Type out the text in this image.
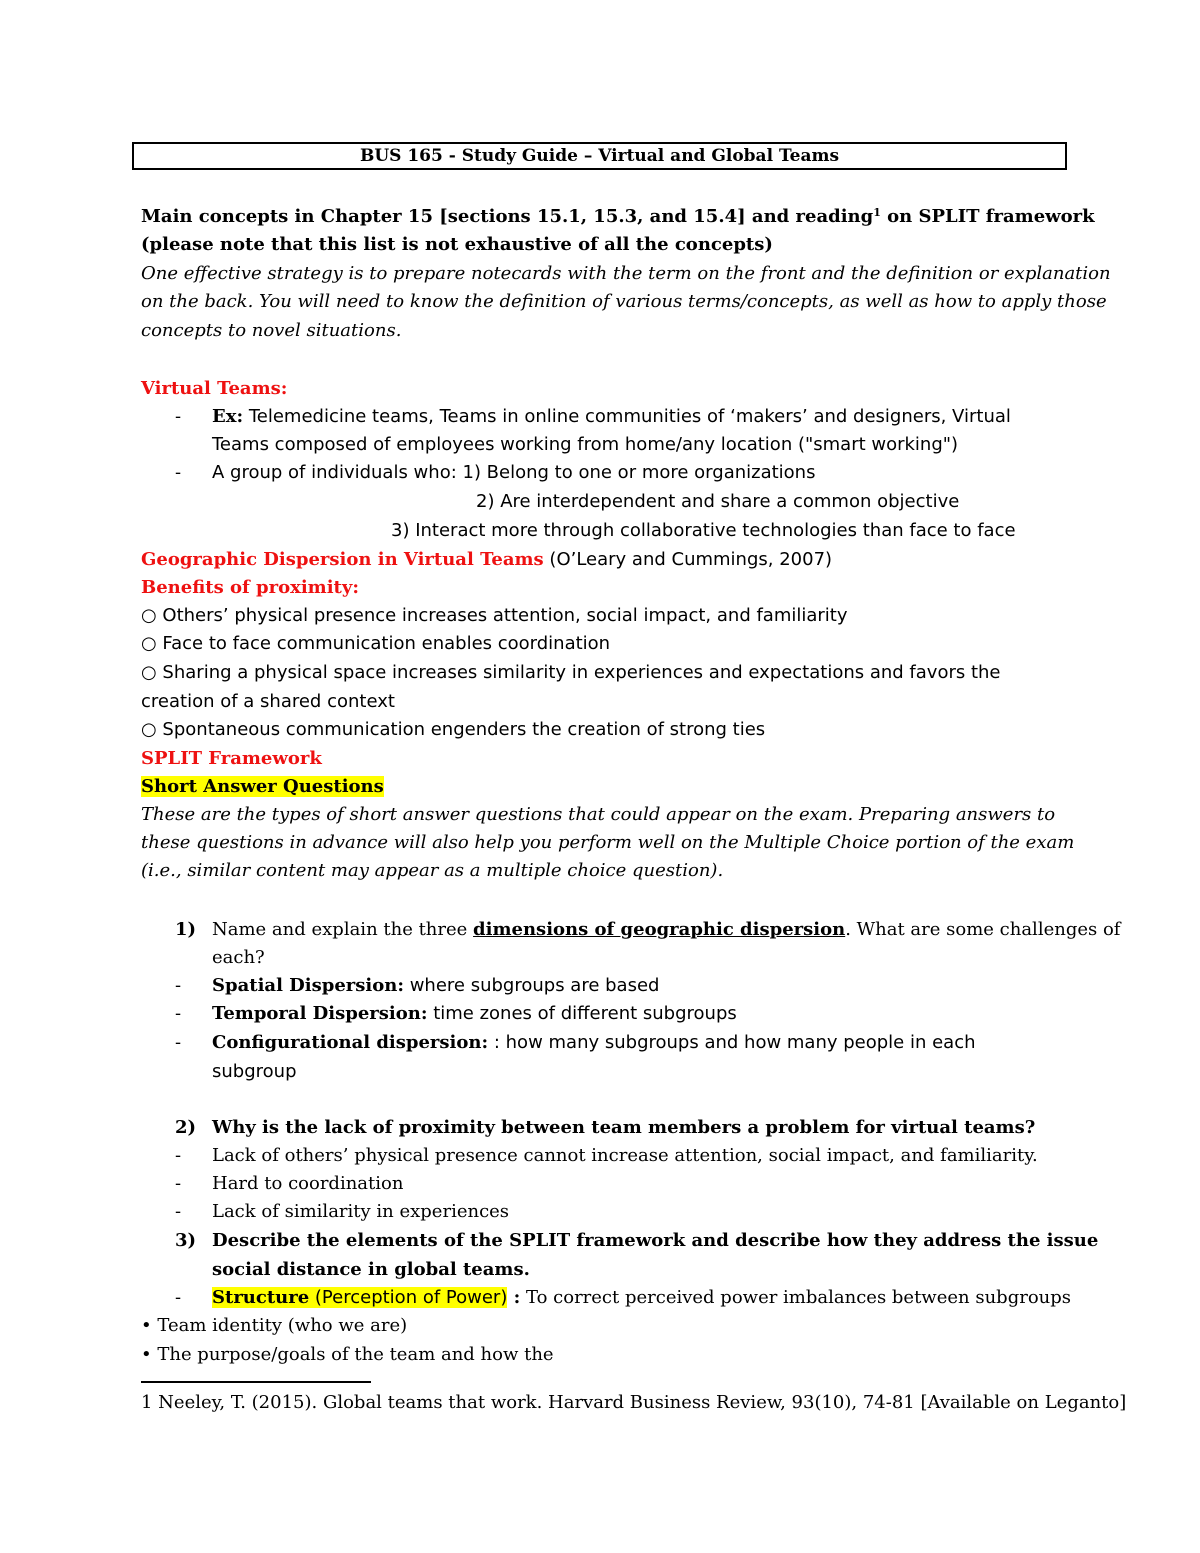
BUS 165 - Study Guide – Virtual and Global Teams
Main concepts in Chapter 15 [sections 15.1, 15.3, and 15.4] and reading$^1$ on SPLIT framework
(please note that this list is not exhaustive of all the concepts)
One effective strategy is to prepare notecards with the term on the front and the definition or explanation
on the back. You will need to know the definition of various terms/concepts, as well as how to apply those
concepts to novel situations.
Virtual Teams:
-	Ex: Telemedicine teams, Teams in online communities of ‘makers’ and designers, Virtual
Teams composed of employees working from home/any location ("smart working")
-	A group of individuals who: 1) Belong to one or more organizations
2) Are interdependent and share a common objective
3) Interact more through collaborative technologies than face to face
Geographic Dispersion in Virtual Teams (O’Leary and Cummings, 2007)
Benefits of proximity:
○ Others’ physical presence increases attention, social impact, and familiarity
○ Face to face communication enables coordination
○ Sharing a physical space increases similarity in experiences and expectations and favors the
creation of a shared context
○ Spontaneous communication engenders the creation of strong ties
SPLIT Framework
Short Answer Questions
These are the types of short answer questions that could appear on the exam. Preparing answers to
these questions in advance will also help you perform well on the Multiple Choice portion of the exam
(i.e., similar content may appear as a multiple choice question).
1) Name and explain the three dimensions of geographic dispersion. What are some challenges of
each?
-	Spatial Dispersion: where subgroups are based
-	Temporal Dispersion: time zones of different subgroups
-	Configurational dispersion: : how many subgroups and how many people in each
subgroup
2) Why is the lack of proximity between team members a problem for virtual teams?
-	Lack of others’ physical presence cannot increase attention, social impact, and familiarity.
-	Hard to coordination
-	Lack of similarity in experiences
3) Describe the elements of the SPLIT framework and describe how they address the issue
social distance in global teams.
-	Structure (Perception of Power) : To correct perceived power imbalances between subgroups
• Team identity (who we are)
• The purpose/goals of the team and how the
1 Neeley, T. (2015). Global teams that work. Harvard Business Review, 93(10), 74-81 [Available on Leganto]
